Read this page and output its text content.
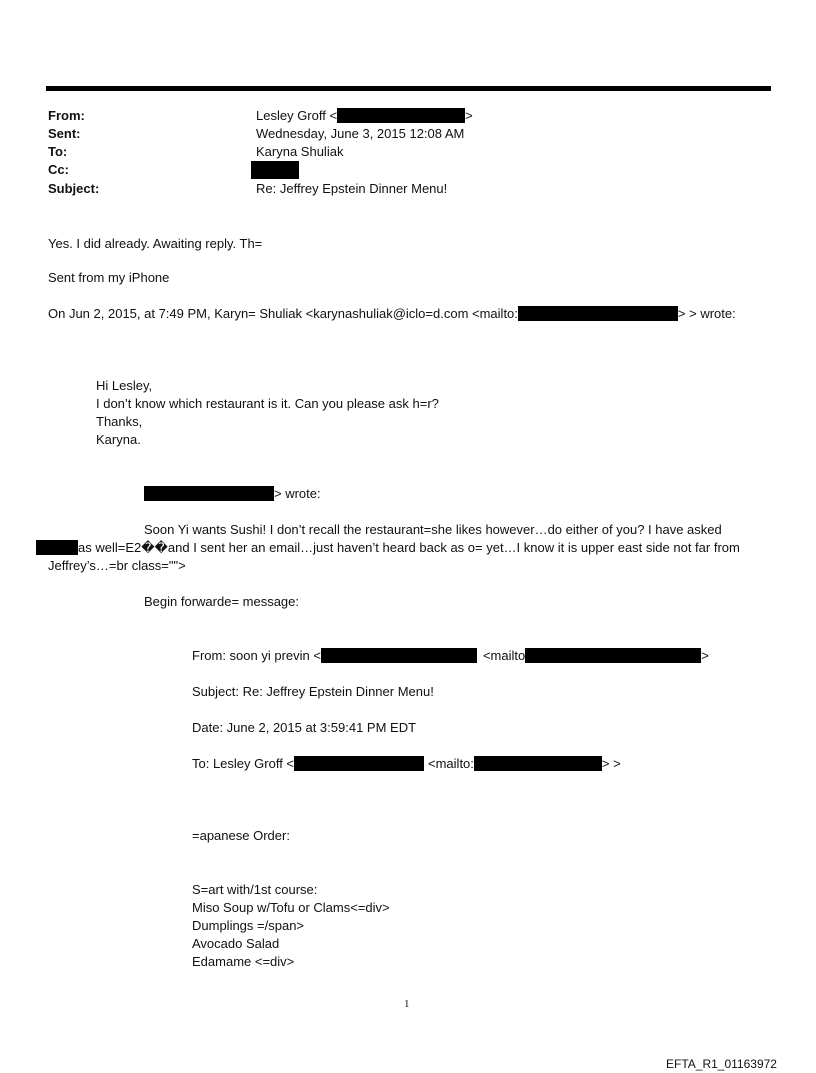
From:	Lesley Groff <	>
Sent:	Wednesday, June 3, 2015 12:08 AM
To:	Karyna Shuliak
Cc:
Subject:	Re: Jeffrey Epstein Dinner Menu!
Yes. I did already. Awaiting reply. Th=
Sent from my iPhone
On Jun 2, 2015, at 7:49 PM, Karyn= Shuliak <karynashuliak@iclo=d.com <mailto:	> > wrote:
Hi Lesley,
I don’t know which restaurant is it. Can you please ask h=r?
Thanks,
Karyna.
> wrote:
Soon Yi wants Sushi! I don’t recall the restaurant=she likes however…do either of you? I have asked
as well=E2��and I sent her an email…just haven’t heard back as o= yet…I know it is upper east side not far from
Jeffrey’s…=br class="">
Begin forwarde= message:
From: soon yi previn <	<mailto	>
Subject: Re: Jeffrey Epstein Dinner Menu!
Date: June 2, 2015 at 3:59:41 PM EDT
To: Lesley Groff <	<mailto:	> >
=apanese Order:
S=art with/1st course:
Miso Soup w/Tofu or Clams<=div>
Dumplings =/span>
Avocado Salad
Edamame <=div>
1
EFTA_R1_01163972
